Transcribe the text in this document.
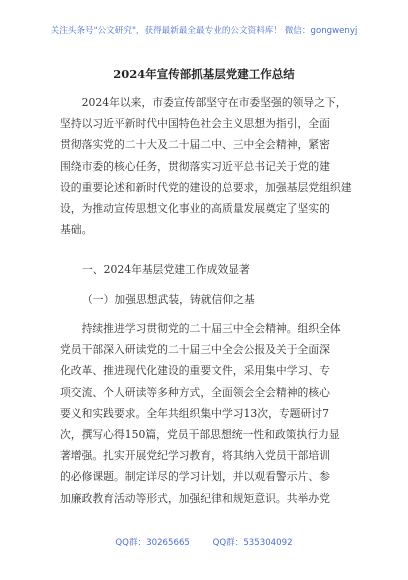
关注头条号"公文研究"，获得最新最全最专业的公文资料库！ 微信：gongwenyj
2024年宣传部抓基层党建工作总结
2024年以来，市委宣传部坚守在市委坚强的领导之下，
坚持以习近平新时代中国特色社会主义思想为指引，全面
贯彻落实党的二十大及二十届二中、三中全会精神，紧密
围绕市委的核心任务，贯彻落实习近平总书记关于党的建
设的重要论述和新时代党的建设的总要求，加强基层党组织建
设，为推动宣传思想文化事业的高质量发展奠定了坚实的
基础。
一、2024年基层党建工作成效显著
（一）加强思想武装，铸就信仰之基
持续推进学习贯彻党的二十届三中全会精神。组织全体
党员干部深入研读党的二十届三中全会公报及关于全面深
化改革、推进现代化建设的重要文件，采用集中学习、专
项交流、个人研读等多种方式，全面领会全会精神的核心
要义和实践要求。全年共组织集中学习13次，专题研讨7
次，撰写心得150篇，党员干部思想统一性和政策执行力显
著增强。扎实开展党纪学习教育，将其纳入党员干部培训
的必修课题。制定详尽的学习计划，并以观看警示片、参
加廉政教育活动等形式，加强纪律和规矩意识。共举办党
QQ群：30265665	QQ群：535304092
